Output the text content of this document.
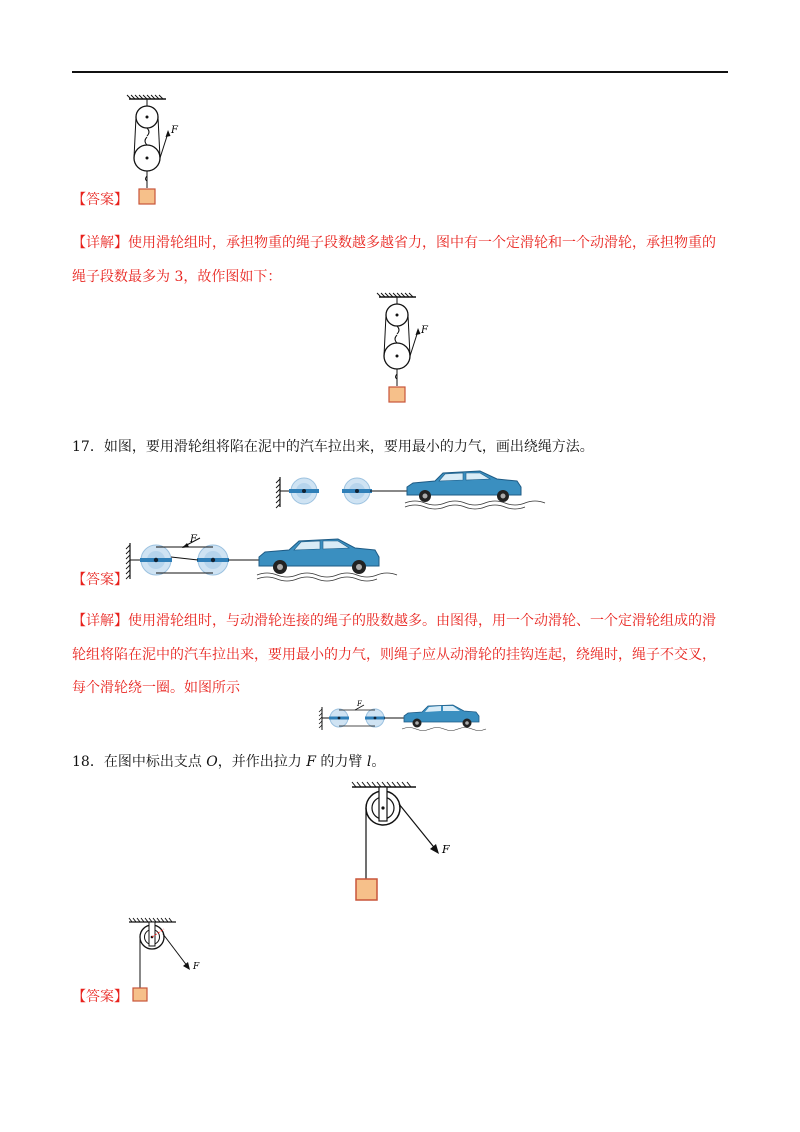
F
【答案】
【详解】使用滑轮组时，承担物重的绳子段数越多越省力，图中有一个定滑轮和一个动滑轮，承担物重的
绳子段数最多为 3，故作图如下：
F
17．如图，要用滑轮组将陷在泥中的汽车拉出来，要用最小的力气，画出绕绳方法。
F
【答案】
【详解】使用滑轮组时，与动滑轮连接的绳子的股数越多。由图得，用一个动滑轮、一个定滑轮组成的滑
轮组将陷在泥中的汽车拉出来，要用最小的力气，则绳子应从动滑轮的挂钩连起，绕绳时，绳子不交叉，
每个滑轮绕一圈。如图所示
F
18．在图中标出支点 O，并作出拉力 F 的力臂 l。
F
F
【答案】
